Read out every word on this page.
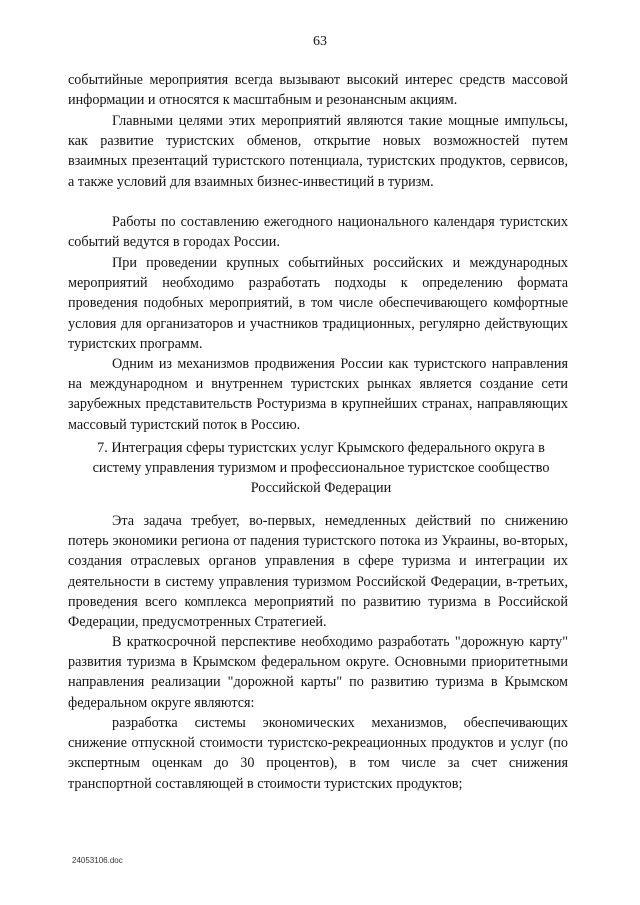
63

событийные мероприятия всегда вызывают высокий интерес средств массовой информации и относятся к масштабным и резонансным акциям.

Главными целями этих мероприятий являются такие мощные импульсы, как развитие туристских обменов, открытие новых возможностей путем взаимных презентаций туристского потенциала, туристских продуктов, сервисов, а также условий для взаимных бизнес-инвестиций в туризм.

Работы по составлению ежегодного национального календаря туристских событий ведутся в городах России.

При проведении крупных событийных российских и международных мероприятий необходимо разработать подходы к определению формата проведения подобных мероприятий, в том числе обеспечивающего комфортные условия для организаторов и участников традиционных, регулярно действующих туристских программ.

Одним из механизмов продвижения России как туристского направления на международном и внутреннем туристских рынках является создание сети зарубежных представительств Ростуризма в крупнейших странах, направляющих массовый туристский поток в Россию.

7. Интеграция сферы туристских услуг Крымского федерального округа в систему управления туризмом и профессиональное туристское сообщество Российской Федерации

Эта задача требует, во-первых, немедленных действий по снижению потерь экономики региона от падения туристского потока из Украины, во-вторых, создания отраслевых органов управления в сфере туризма и интеграции их деятельности в систему управления туризмом Российской Федерации, в-третьих, проведения всего комплекса мероприятий по развитию туризма в Российской Федерации, предусмотренных Стратегией.

В краткосрочной перспективе необходимо разработать "дорожную карту" развития туризма в Крымском федеральном округе. Основными приоритетными направления реализации "дорожной карты" по развитию туризма в Крымском федеральном округе являются:

разработка системы экономических механизмов, обеспечивающих снижение отпускной стоимости туристско-рекреационных продуктов и услуг (по экспертным оценкам до 30 процентов), в том числе за счет снижения транспортной составляющей в стоимости туристских продуктов;

24053106.doc
